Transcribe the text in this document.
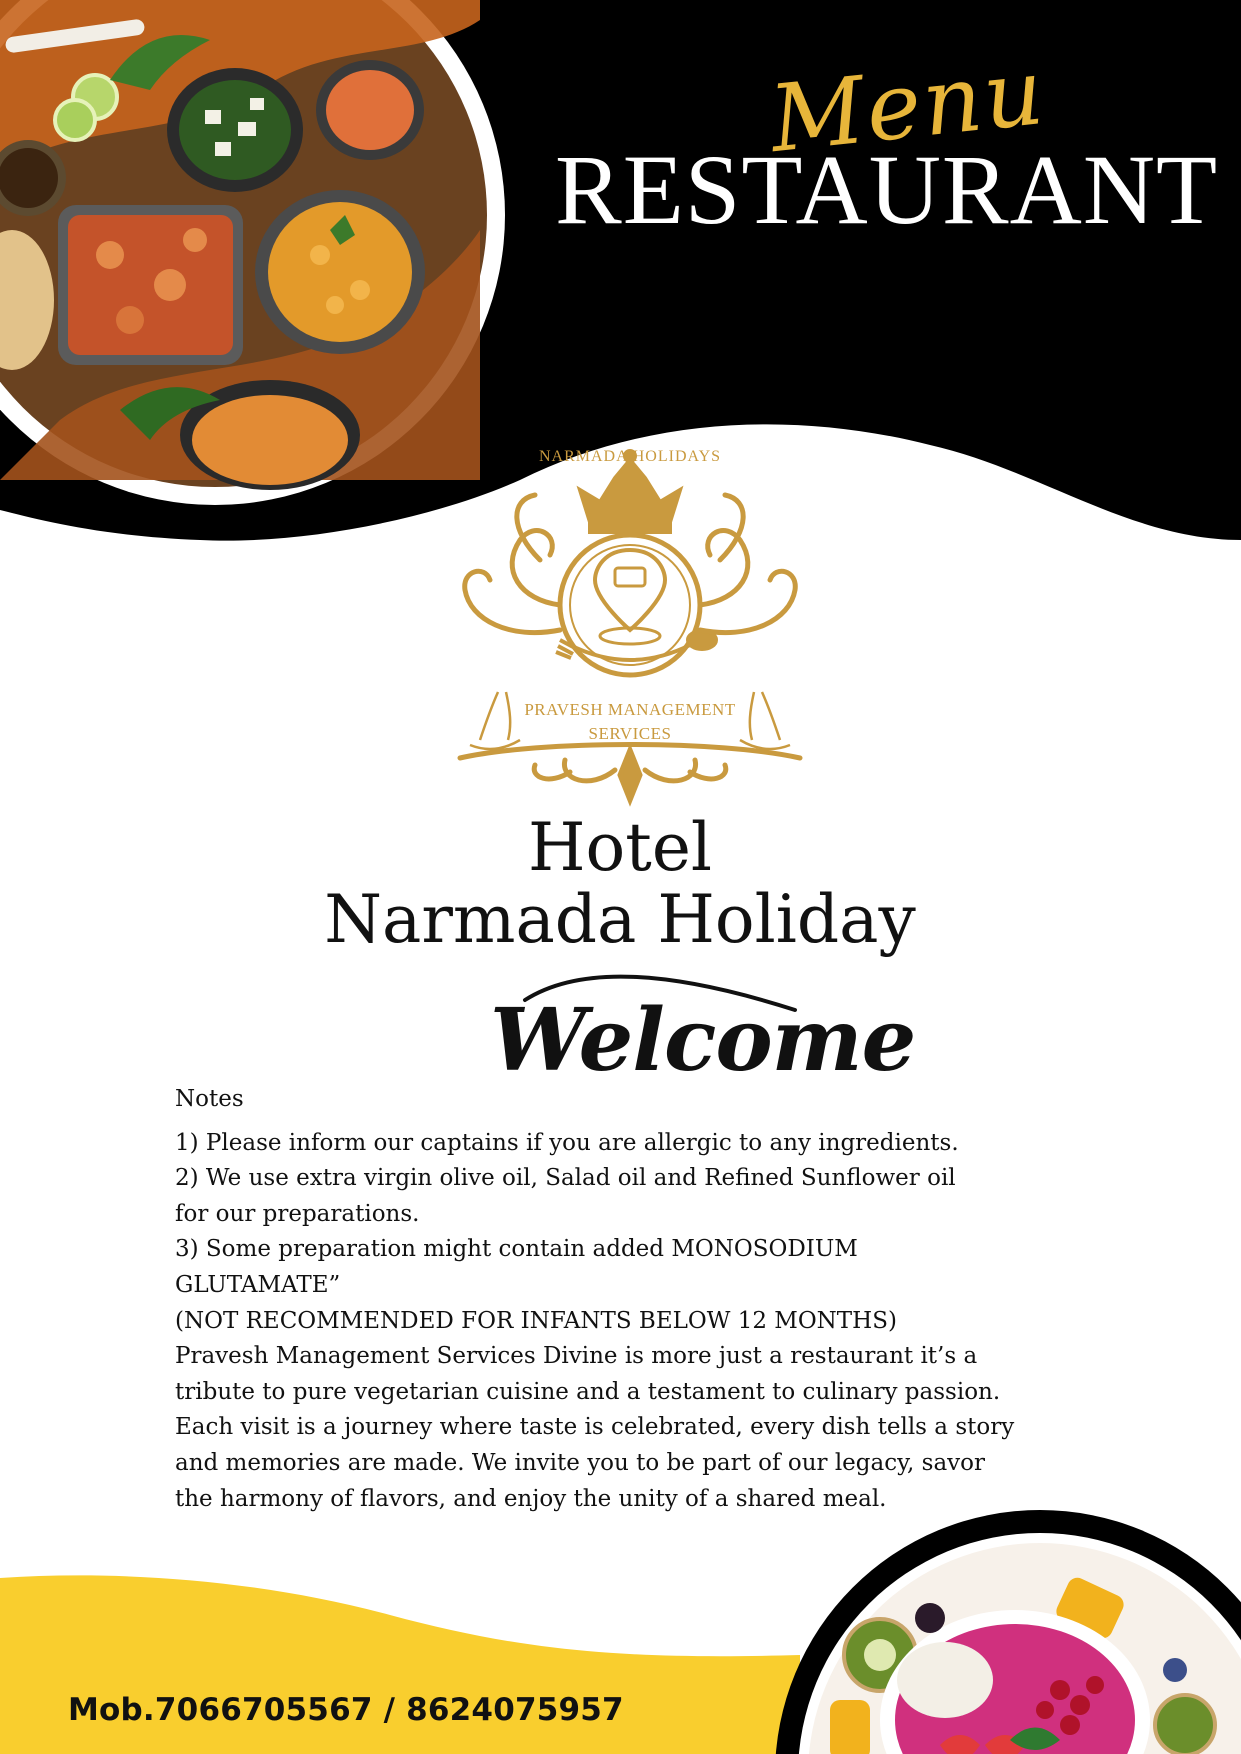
Menu
RESTAURANT
NARMADA HOLIDAYS
PRAVESH MANAGEMENT
SERVICES
Hotel
Narmada Holiday
Welcome

Notes

1) Please inform our captains if you are allergic to any ingredients.

2) We use extra virgin olive oil, Salad oil and Refined Sunflower oil
for our preparations.

3) Some preparation might contain added MONOSODIUM
GLUTAMATE”

(NOT RECOMMENDED FOR INFANTS BELOW 12 MONTHS)

Pravesh Management Services Divine is more just a restaurant it’s a
tribute to pure vegetarian cuisine and a testament to culinary passion.
Each visit is a journey where taste is celebrated, every dish tells a story
and memories are made. We invite you to be part of our legacy, savor
the harmony of flavors, and enjoy the unity of a shared meal.

Mob.7066705567 / 8624075957
